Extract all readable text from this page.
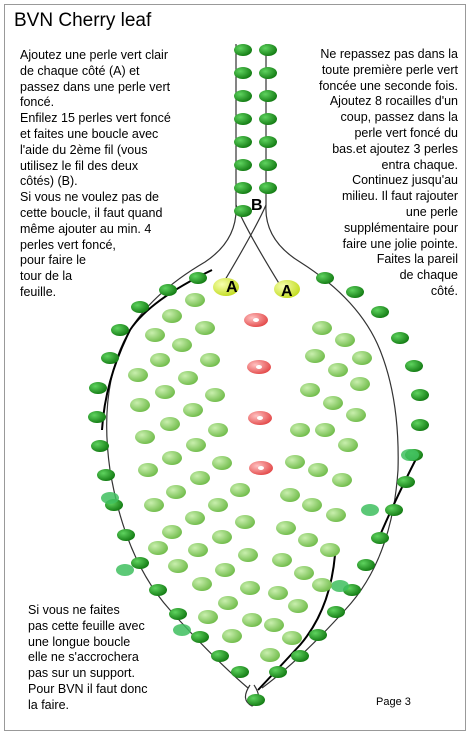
BVN Cherry leaf
Ajoutez une perle vert clair
de chaque côté (A) et
passez dans une perle vert
foncé.
Enfilez 15 perles vert foncé
et faites une boucle avec
l'aide du 2ème fil (vous
utilisez le fil des deux
côtés) (B).
Si vous ne voulez pas de
cette boucle, il faut quand
même ajouter au min. 4
perles vert foncé,
pour faire le
tour de la
feuille.
Ne repassez pas dans la
toute première perle vert
foncée une seconde fois.
Ajoutez 8 rocailles d'un
coup, passez dans la
perle vert foncé du
bas.et ajoutez 3 perles
entra chaque.
Continuez jusqu'au
milieu. Il faut rajouter
une perle
supplémentaire pour
faire une jolie pointe.
Faites la pareil
de chaque
côté.
Si vous ne faites
pas cette feuille avec
une longue boucle
elle ne s'accrochera
pas sur un support.
Pour BVN il faut donc
la faire.
A	A
B
Page 3
